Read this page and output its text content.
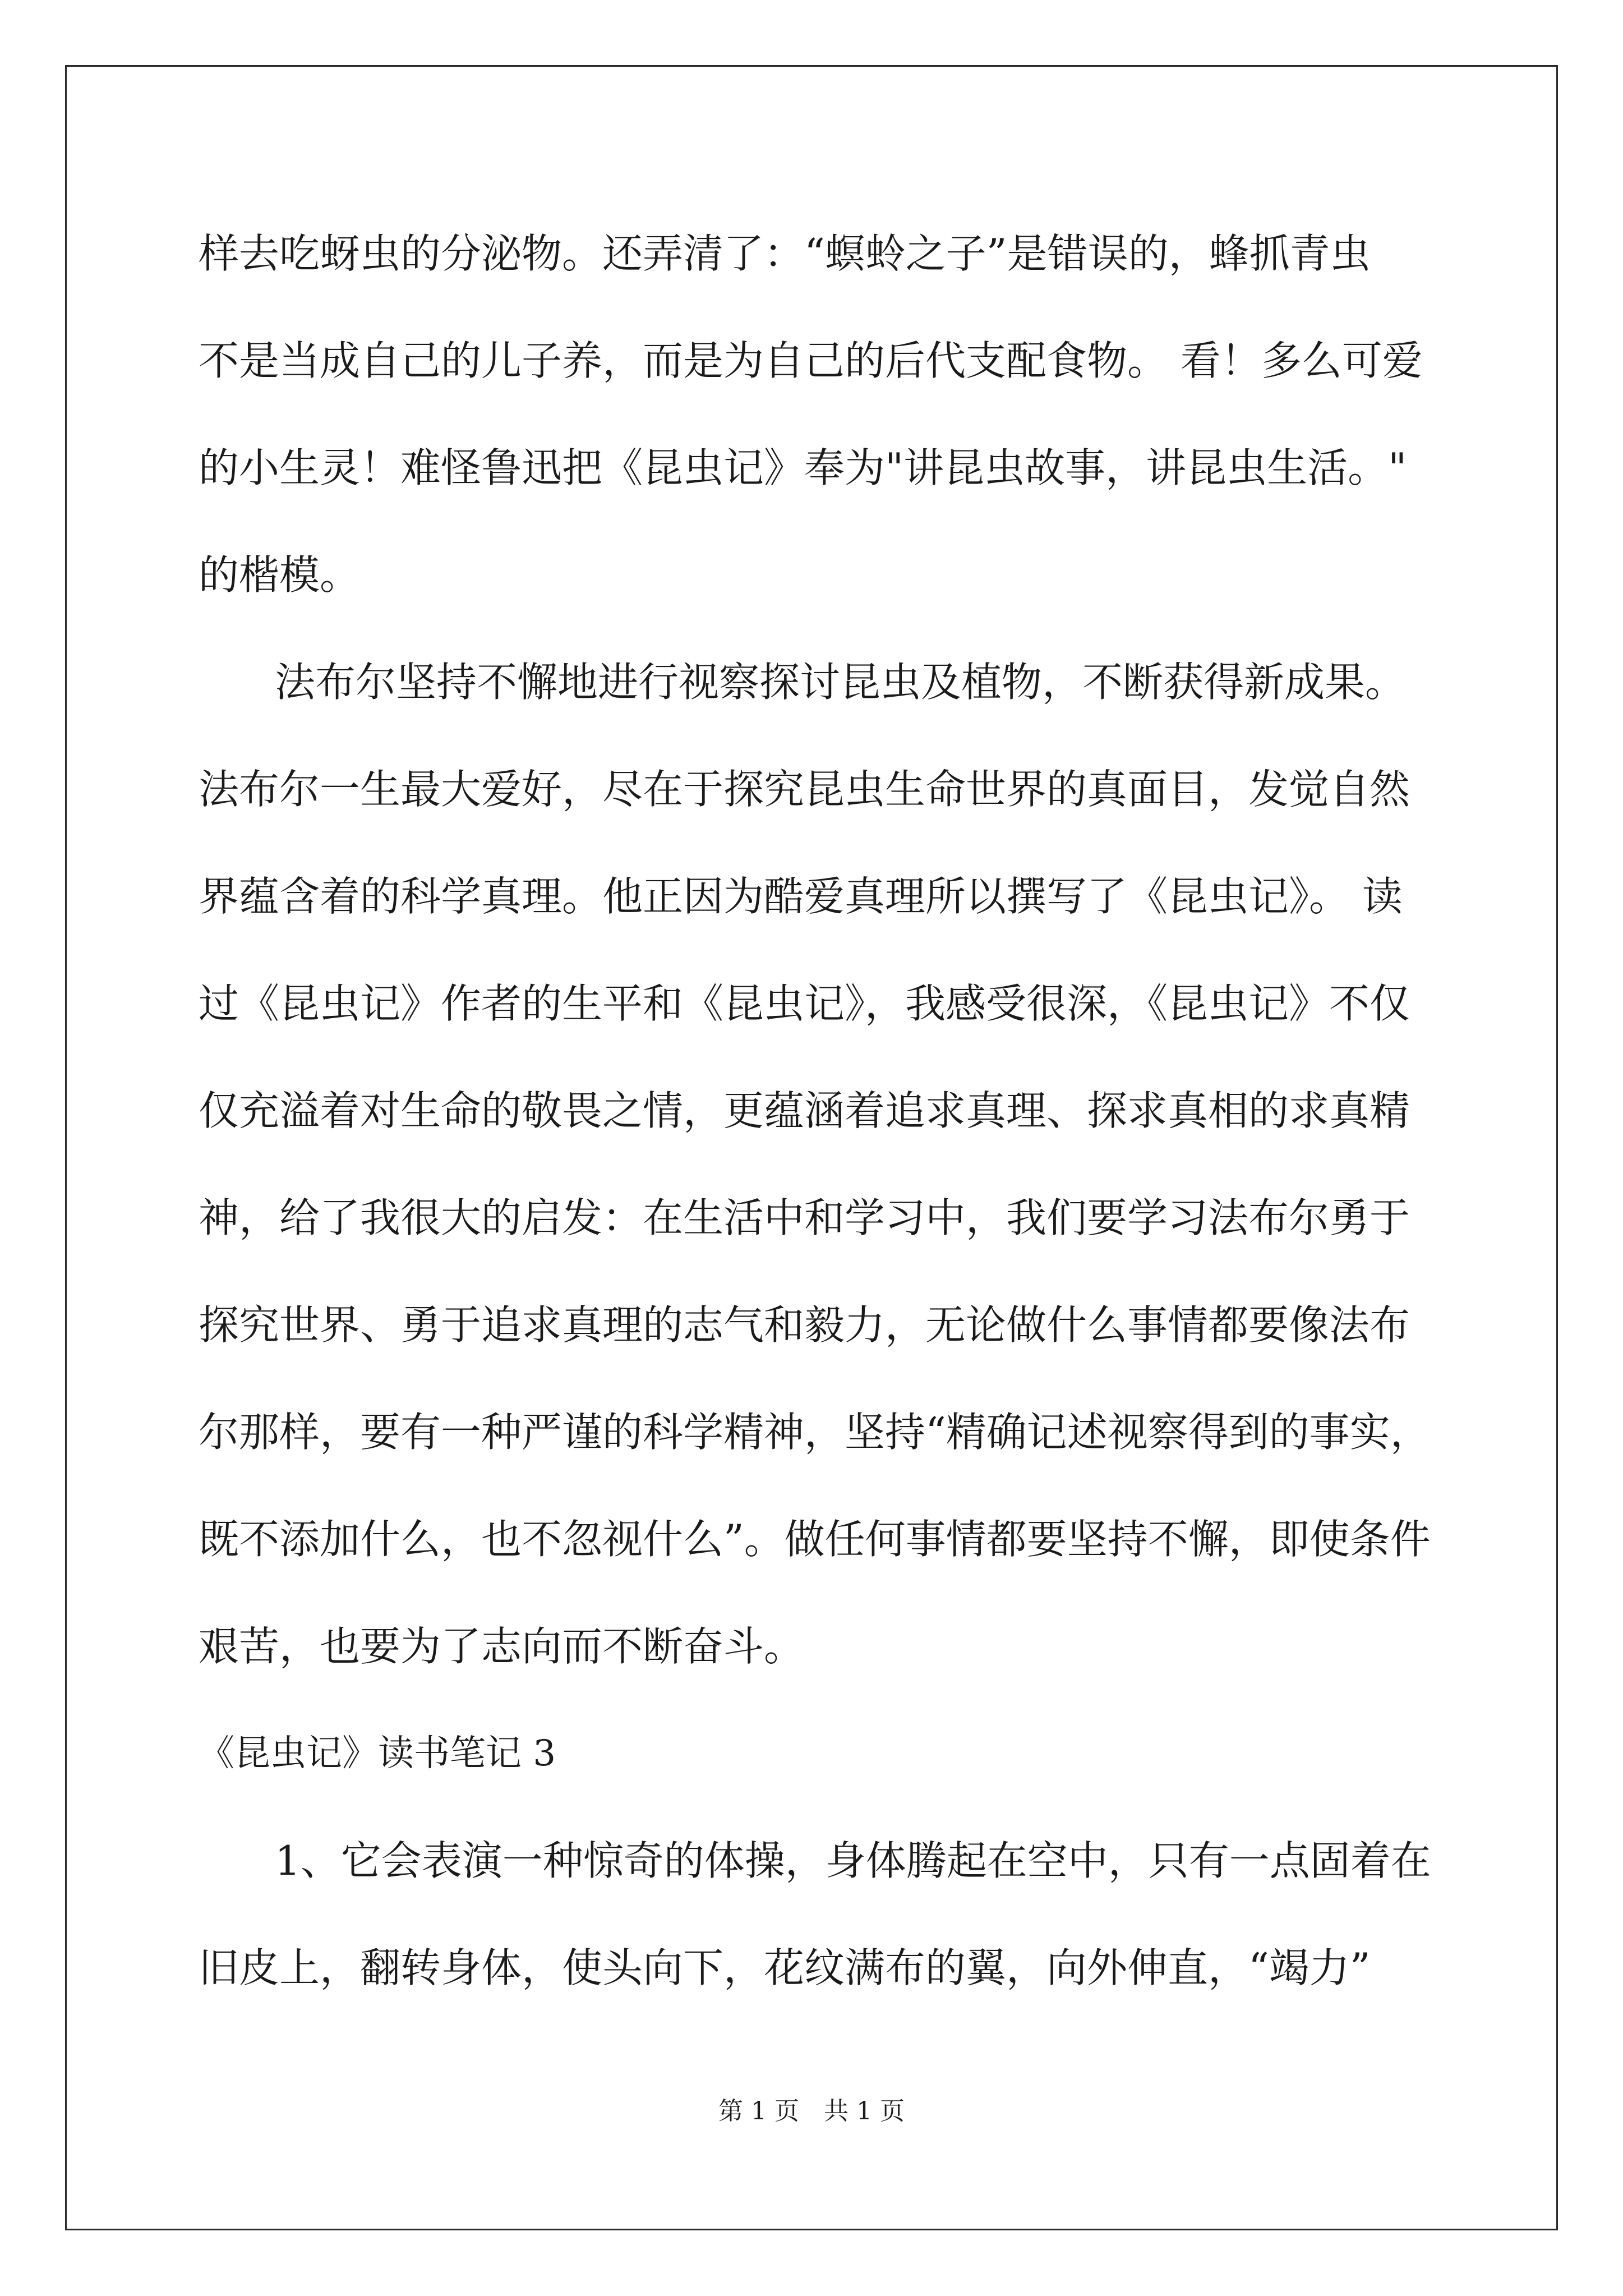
样去吃蚜虫的分泌物。还弄清了：“螟蛉之子”是错误的，蜂抓青虫
不是当成自己的儿子养，而是为自己的后代支配食物。 看！多么可爱
的小生灵！难怪鲁迅把《昆虫记》奉为"讲昆虫故事，讲昆虫生活。"
的楷模。
法布尔坚持不懈地进行视察探讨昆虫及植物，不断获得新成果。
法布尔一生最大爱好，尽在于探究昆虫生命世界的真面目，发觉自然
界蕴含着的科学真理。他正因为酷爱真理所以撰写了《昆虫记》。 读
过《昆虫记》作者的生平和《昆虫记》，我感受很深，《昆虫记》不仅
仅充溢着对生命的敬畏之情，更蕴涵着追求真理、探求真相的求真精
神，给了我很大的启发：在生活中和学习中，我们要学习法布尔勇于
探究世界、勇于追求真理的志气和毅力，无论做什么事情都要像法布
尔那样，要有一种严谨的科学精神，坚持“精确记述视察得到的事实，
既不添加什么，也不忽视什么”。做任何事情都要坚持不懈，即使条件
艰苦，也要为了志向而不断奋斗。
《昆虫记》读书笔记 3
1、它会表演一种惊奇的体操，身体腾起在空中，只有一点固着在
旧皮上，翻转身体，使头向下，花纹满布的翼，向外伸直，“竭力”
第 1 页　共 1 页
